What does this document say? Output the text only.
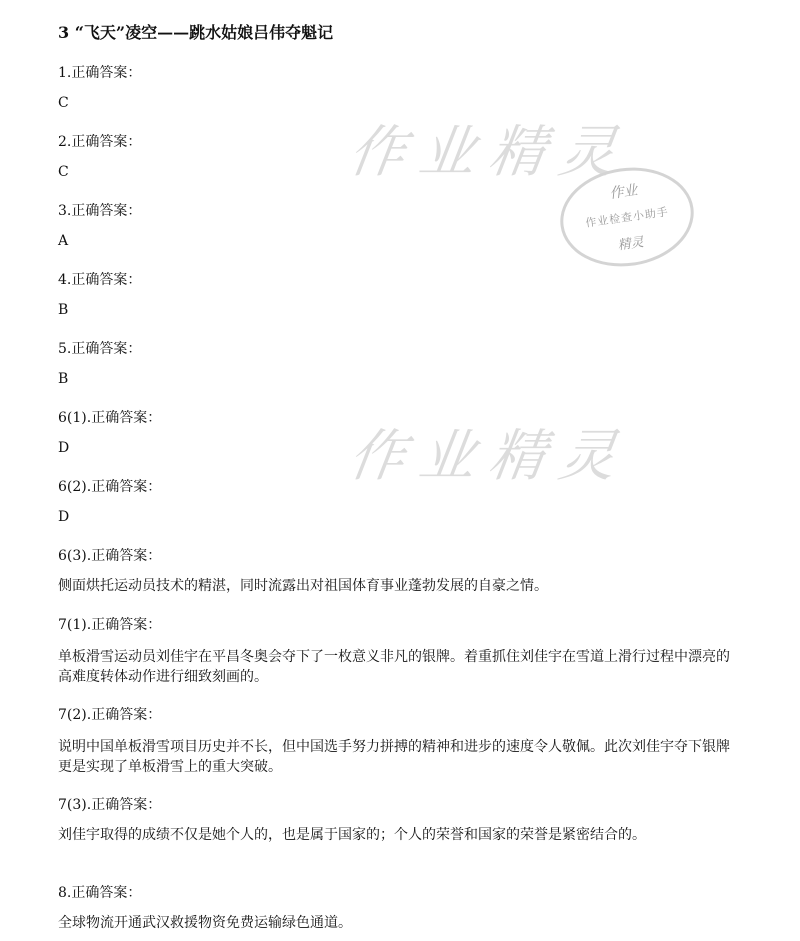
作业精灵
作业
作业检查小助手
精灵
作业精灵
3 “飞天”凌空——跳水姑娘吕伟夺魁记
1.正确答案：
C
2.正确答案：
C
3.正确答案：
A
4.正确答案：
B
5.正确答案：
B
6(1).正确答案：
D
6(2).正确答案：
D
6(3).正确答案：
侧面烘托运动员技术的精湛，同时流露出对祖国体育事业蓬勃发展的自豪之情。
7(1).正确答案：
单板滑雪运动员刘佳宇在平昌冬奥会夺下了一枚意义非凡的银牌。着重抓住刘佳宇在雪道上滑行过程中漂亮的高难度转体动作进行细致刻画的。
7(2).正确答案：
说明中国单板滑雪项目历史并不长，但中国选手努力拼搏的精神和进步的速度令人敬佩。此次刘佳宇夺下银牌更是实现了单板滑雪上的重大突破。
7(3).正确答案：
刘佳宇取得的成绩不仅是她个人的，也是属于国家的；个人的荣誉和国家的荣誉是紧密结合的。
8.正确答案：
全球物流开通武汉救援物资免费运输绿色通道。
